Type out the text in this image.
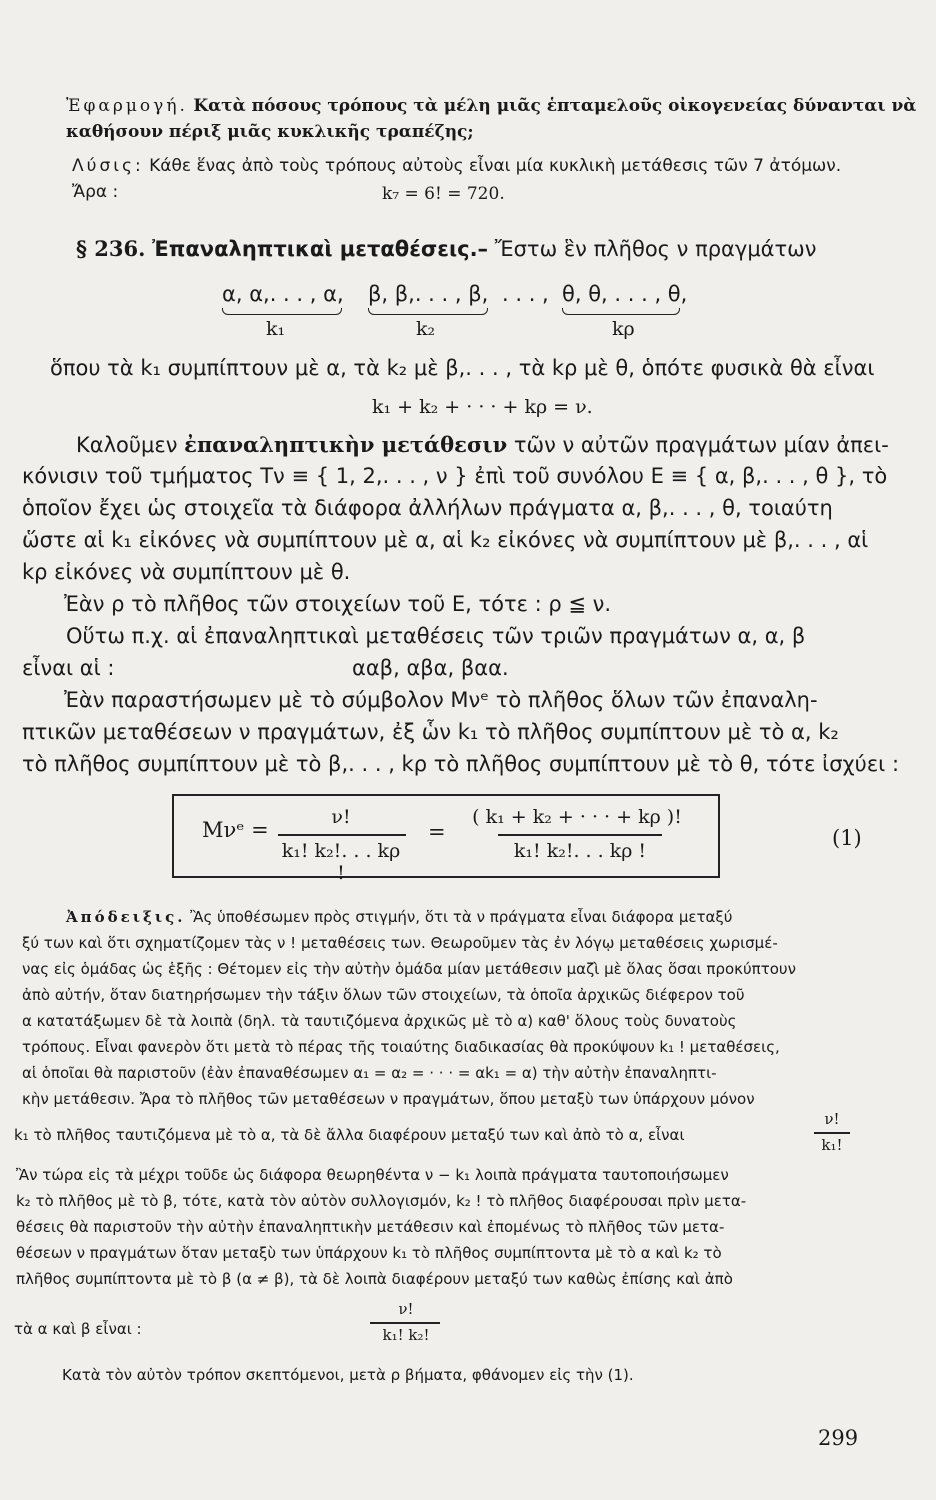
Ἐφαρμογή. Κατὰ πόσους τρόπους τὰ μέλη μιᾶς ἑπταμελοῦς οἰκογενείας δύνανται νὰ
καθήσουν πέριξ μιᾶς κυκλικῆς τραπέζης;
Λύσις: Κάθε ἕνας ἀπὸ τοὺς τρόπους αὐτοὺς εἶναι μία κυκλικὴ μετάθεσις τῶν 7 ἀτόμων.
Ἄρα :	k₇ = 6! = 720.
§ 236. Ἐπαναληπτικαὶ μεταθέσεις.– Ἔστω ἓν πλῆθος ν πραγμάτων
α, α,. . . , α, β, β,. . . , β, . . . , θ, θ, . . . , θ,
k₁	k₂	kρ
ὅπου τὰ k₁ συμπίπτουν μὲ α, τὰ k₂ μὲ β,. . . , τὰ kρ μὲ θ, ὁπότε φυσικὰ θὰ εἶναι
k₁ + k₂ + · · · + kρ = ν.
Καλοῦμεν ἐπαναληπτικὴν μετάθεσιν τῶν ν αὐτῶν πραγμάτων μίαν ἀπει-
κόνισιν τοῦ τμήματος Tν ≡ { 1, 2,. . . , ν } ἐπὶ τοῦ συνόλου E ≡ { α, β,. . . , θ }, τὸ
ὁποῖον ἔχει ὡς στοιχεῖα τὰ διάφορα ἀλλήλων πράγματα α, β,. . . , θ, τοιαύτη
ὥστε αἱ k₁ εἰκόνες νὰ συμπίπτουν μὲ α, αἱ k₂ εἰκόνες νὰ συμπίπτουν μὲ β,. . . , αἱ
kρ εἰκόνες νὰ συμπίπτουν μὲ θ.
Ἐὰν ρ τὸ πλῆθος τῶν στοιχείων τοῦ E, τότε : ρ ≦ ν.
Οὕτω π.χ. αἱ ἐπαναληπτικαὶ μεταθέσεις τῶν τριῶν πραγμάτων α, α, β
εἶναι αἱ :	ααβ, αβα, βαα.
Ἐὰν παραστήσωμεν μὲ τὸ σύμβολον Mνᵉ τὸ πλῆθος ὅλων τῶν ἐπαναλη-
πτικῶν μεταθέσεων ν πραγμάτων, ἐξ ὧν k₁ τὸ πλῆθος συμπίπτουν μὲ τὸ α, k₂
τὸ πλῆθος συμπίπτουν μὲ τὸ β,. . . , kρ τὸ πλῆθος συμπίπτουν μὲ τὸ θ, τότε ἰσχύει :
Mνᵉ =
ν!
k₁! k₂!. . . kρ !
=
( k₁ + k₂ + · · · + kρ )!
k₁! k₂!. . . kρ !
(1)
Ἀπόδειξις. Ἂς ὑποθέσωμεν πρὸς στιγμήν, ὅτι τὰ ν πράγματα εἶναι διάφορα μεταξύ
ξύ των καὶ ὅτι σχηματίζομεν τὰς ν ! μεταθέσεις των. Θεωροῦμεν τὰς ἐν λόγῳ μεταθέσεις χωρισμέ-
νας εἰς ὁμάδας ὡς ἑξῆς : Θέτομεν εἰς τὴν αὐτὴν ὁμάδα μίαν μετάθεσιν μαζὶ μὲ ὅλας ὅσαι προκύπτουν
ἀπὸ αὐτήν, ὅταν διατηρήσωμεν τὴν τάξιν ὅλων τῶν στοιχείων, τὰ ὁποῖα ἀρχικῶς διέφερον τοῦ
α κατατάξωμεν δὲ τὰ λοιπὰ (δηλ. τὰ ταυτιζόμενα ἀρχικῶς μὲ τὸ α) καθ' ὅλους τοὺς δυνατοὺς
τρόπους. Εἶναι φανερὸν ὅτι μετὰ τὸ πέρας τῆς τοιαύτης διαδικασίας θὰ προκύψουν k₁ ! μεταθέσεις,
αἱ ὁποῖαι θὰ παριστοῦν (ἐὰν ἐπαναθέσωμεν α₁ = α₂ = · · · = αk₁ = α) τὴν αὐτὴν ἐπαναληπτι-
κὴν μετάθεσιν. Ἄρα τὸ πλῆθος τῶν μεταθέσεων ν πραγμάτων, ὅπου μεταξὺ των ὑπάρχουν μόνον
k₁ τὸ πλῆθος ταυτιζόμενα μὲ τὸ α, τὰ δὲ ἄλλα διαφέρουν μεταξύ των καὶ ἀπὸ τὸ α, εἶναι
ν!
k₁!
Ἂν τώρα εἰς τὰ μέχρι τοῦδε ὡς διάφορα θεωρηθέντα ν − k₁ λοιπὰ πράγματα ταυτοποιήσωμεν
k₂ τὸ πλῆθος μὲ τὸ β, τότε, κατὰ τὸν αὐτὸν συλλογισμόν, k₂ ! τὸ πλῆθος διαφέρουσαι πρὶν μετα-
θέσεις θὰ παριστοῦν τὴν αὐτὴν ἐπαναληπτικὴν μετάθεσιν καὶ ἐπομένως τὸ πλῆθος τῶν μετα-
θέσεων ν πραγμάτων ὅταν μεταξὺ των ὑπάρχουν k₁ τὸ πλῆθος συμπίπτοντα μὲ τὸ α καὶ k₂ τὸ
πλῆθος συμπίπτοντα μὲ τὸ β (α ≠ β), τὰ δὲ λοιπὰ διαφέρουν μεταξύ των καθὼς ἐπίσης καὶ ἀπὸ
τὰ α καὶ β εἶναι :
ν!
k₁! k₂!
Κατὰ τὸν αὐτὸν τρόπον σκεπτόμενοι, μετὰ ρ βήματα, φθάνομεν εἰς τὴν (1).
299
